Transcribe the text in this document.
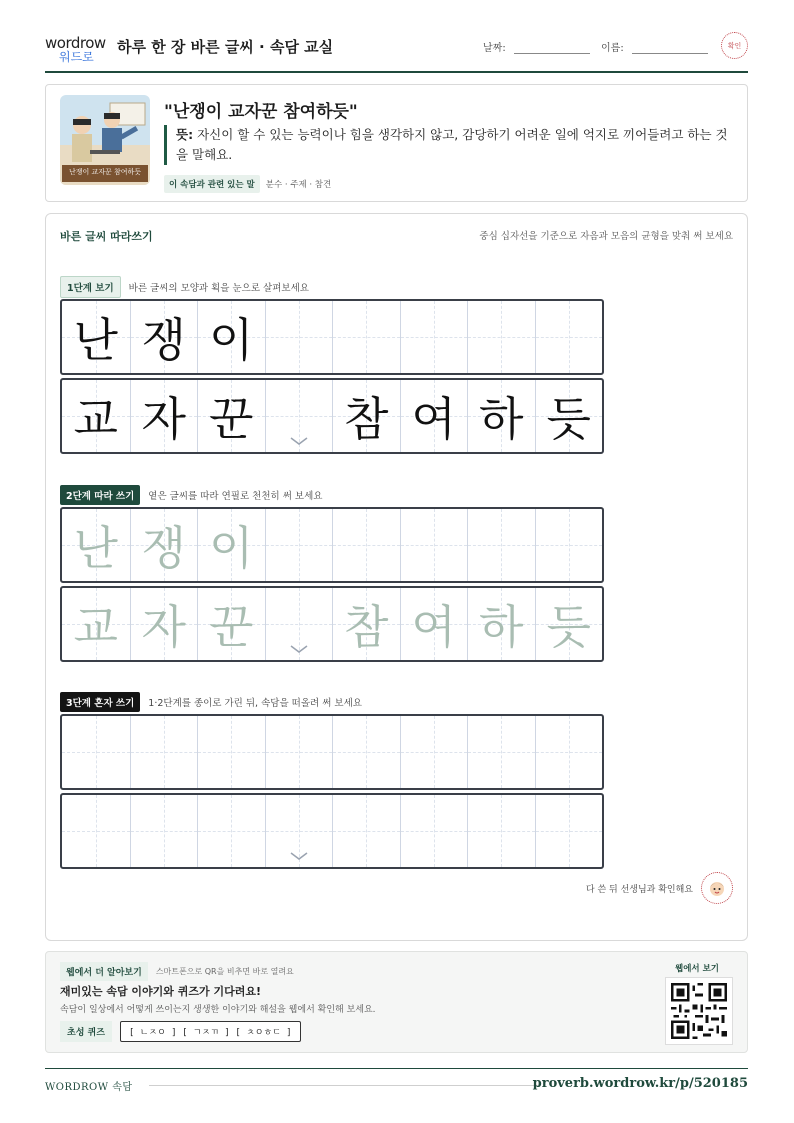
wordrow
워드로
하루 한 장 바른 글씨 · 속담 교실	날짜:	이름:	확인
난쟁이 교자꾼 참여하듯
"난쟁이 교자꾼 참여하듯"
뜻: 자신이 할 수 있는 능력이나 힘을 생각하지 않고, 감당하기 어려운 일에 억지로 끼어들려고 하는 것을 말해요.
이 속담과 관련 있는 말	분수 · 주제 · 참견
바른 글씨 따라쓰기	중심 십자선을 기준으로 자음과 모음의 균형을 맞춰 써 보세요
1단계 보기	바른 글씨의 모양과 획을 눈으로 살펴보세요
난 쟁 이
교 자 꾼 참 여 하 듯
2단계 따라 쓰기	옅은 글씨를 따라 연필로 천천히 써 보세요
난 쟁 이
교 자 꾼 참 여 하 듯
3단계 혼자 쓰기	1·2단계를 종이로 가린 뒤, 속담을 떠올려 써 보세요
다 쓴 뒤 선생님과 확인해요
웹에서 더 알아보기	스마트폰으로 QR을 비추면 바로 열려요
재미있는 속담 이야기와 퀴즈가 기다려요!
속담이 일상에서 어떻게 쓰이는지 생생한 이야기와 해설을 웹에서 확인해 보세요.
초성 퀴즈	[ ㄴㅈㅇ ] [ ㄱㅈㄲ ] [ ㅊㅇㅎㄷ ]
웹에서 보기
WORDROW 속담	proverb.wordrow.kr/p/520185
